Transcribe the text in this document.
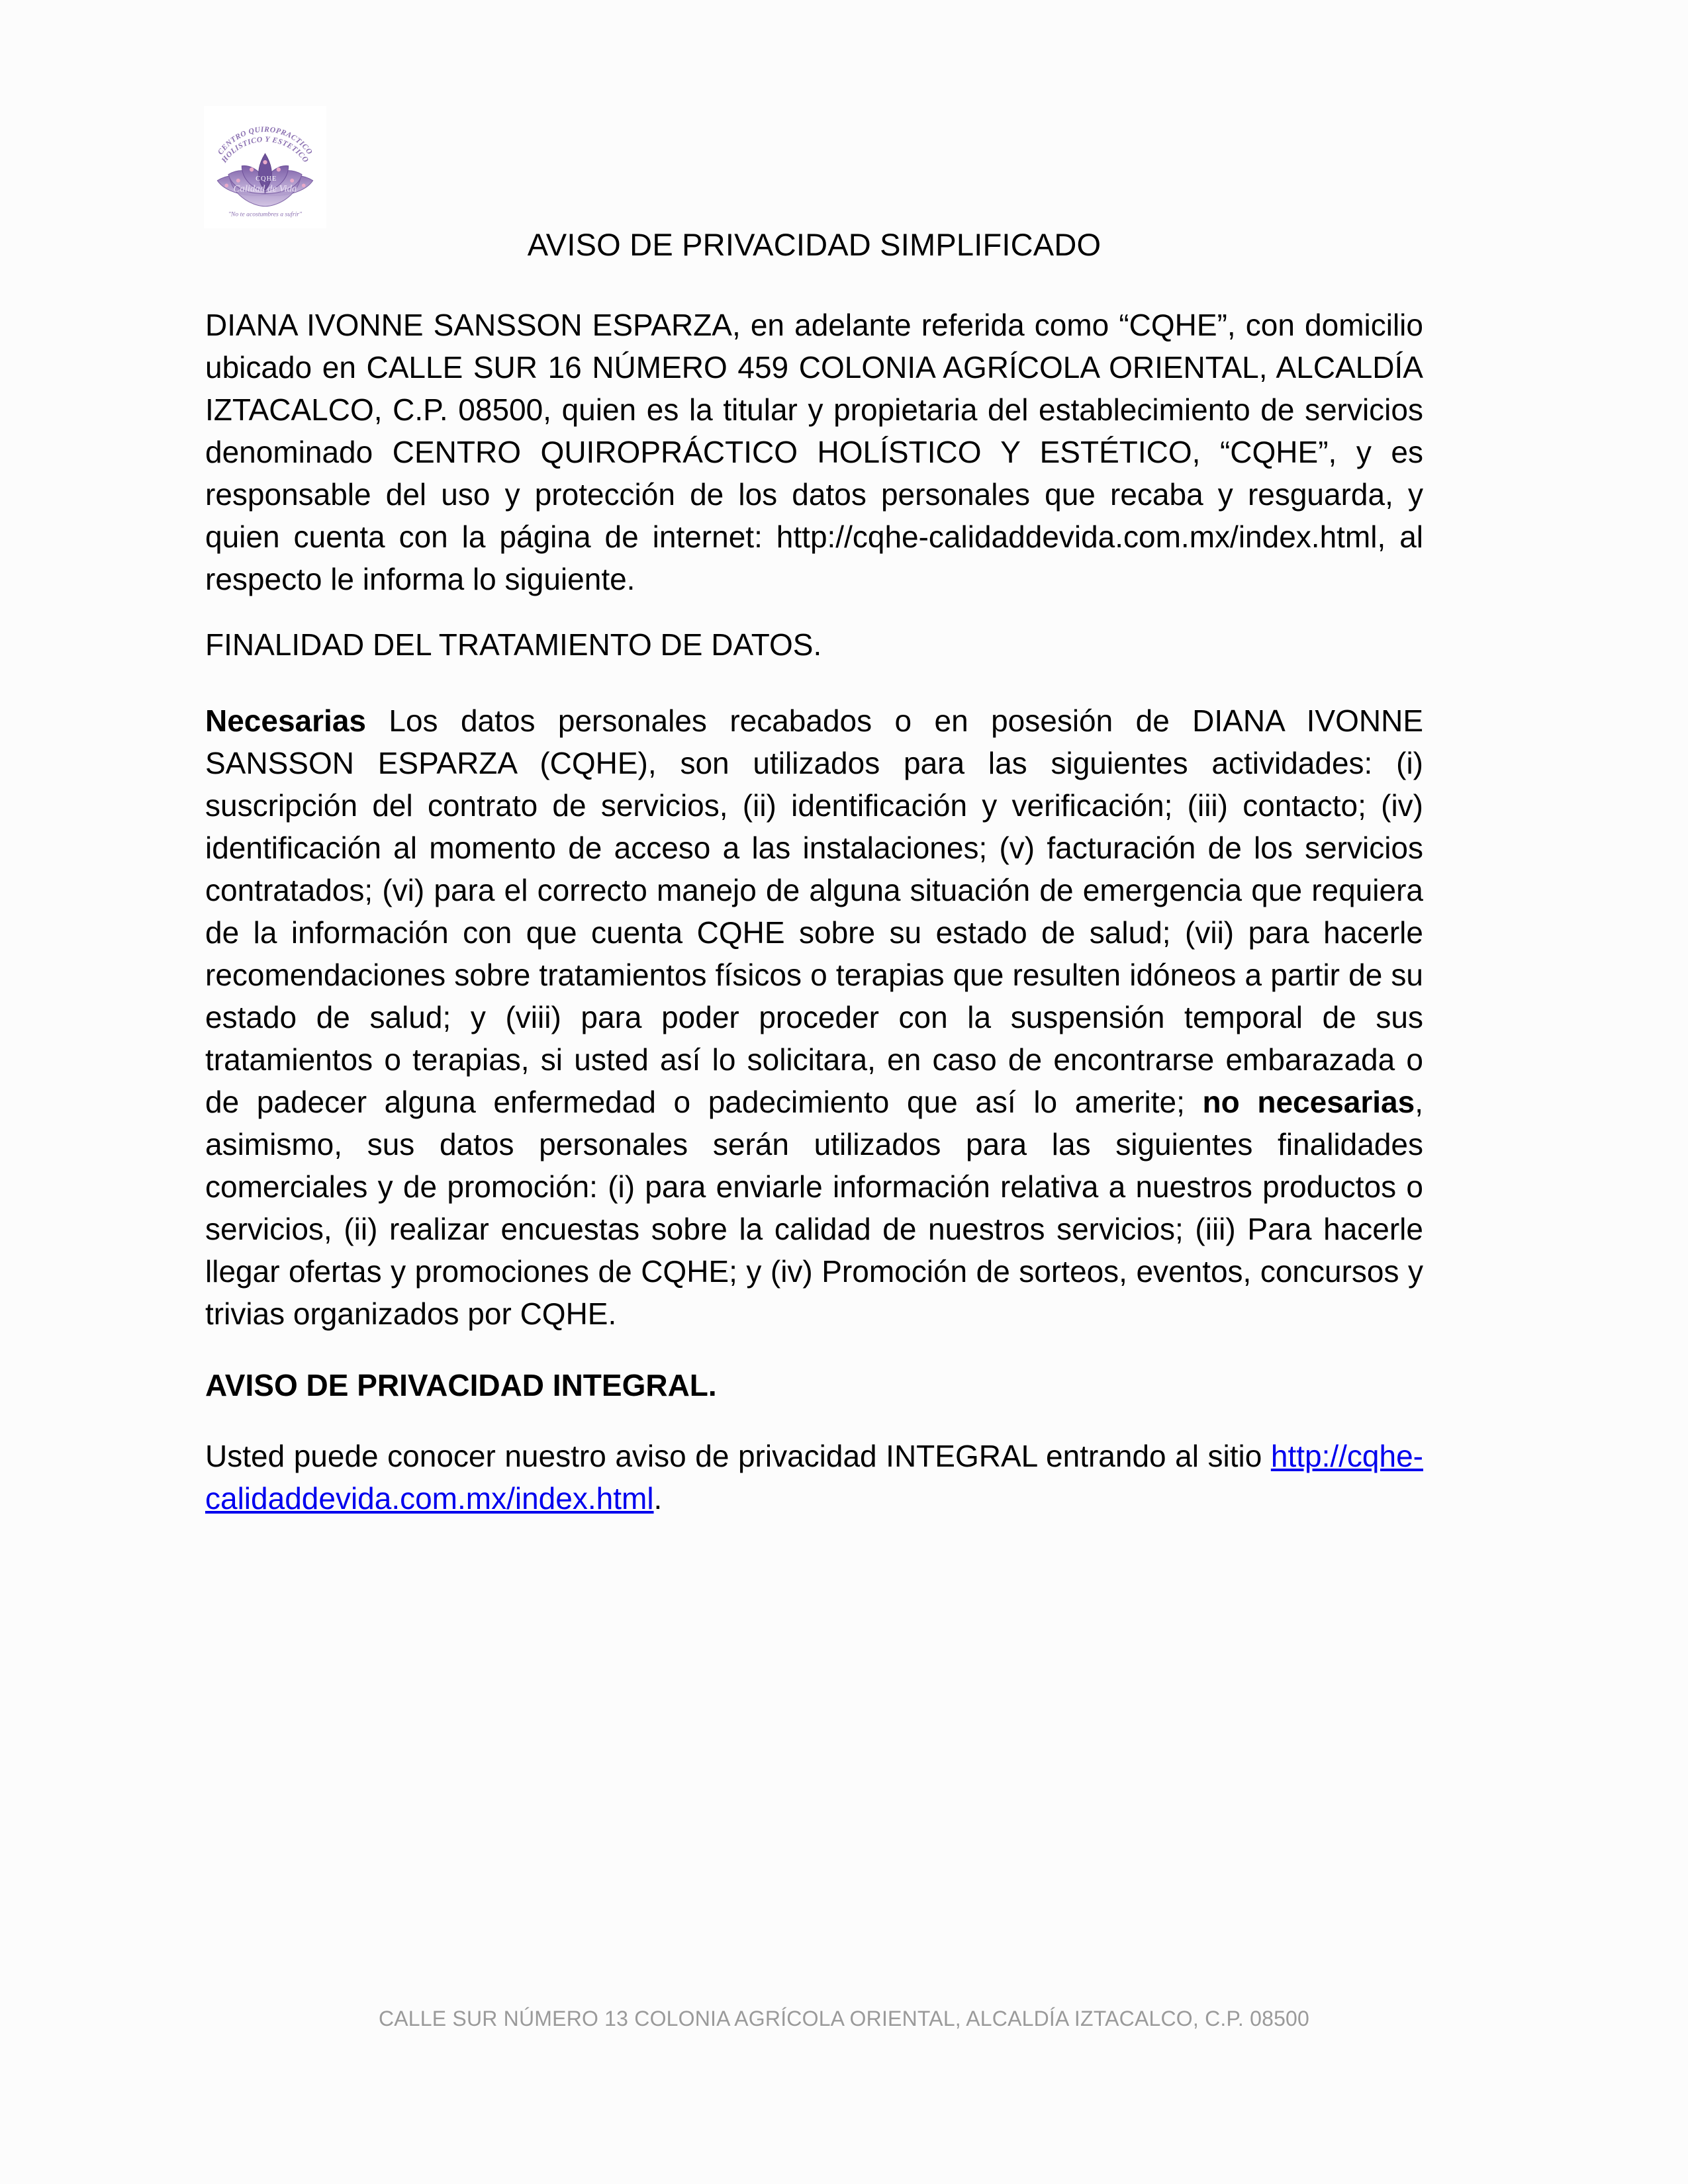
CENTRO QUIROPRACTICO
HOLISTICO Y ESTETICO
CQHE
Calidad de Vida
"No te acostumbres a sufrir"
AVISO DE PRIVACIDAD SIMPLIFICADO
DIANA IVONNE SANSSON ESPARZA, en adelante referida como “CQHE”, con domicilio ubicado en CALLE SUR 16 NÚMERO 459 COLONIA AGRÍCOLA ORIENTAL, ALCALDÍA IZTACALCO, C.P. 08500, quien es la titular y propietaria del establecimiento de servicios denominado CENTRO QUIROPRÁCTICO HOLÍSTICO Y ESTÉTICO, “CQHE”, y es responsable del uso y protección de los datos personales que recaba y resguarda, y quien cuenta con la página de internet: http://cqhe-calidaddevida.com.mx/index.html, al respecto le informa lo siguiente.
FINALIDAD DEL TRATAMIENTO DE DATOS.
Necesarias Los datos personales recabados o en posesión de DIANA IVONNE SANSSON ESPARZA (CQHE), son utilizados para las siguientes actividades: (i) suscripción del contrato de servicios, (ii) identificación y verificación; (iii) contacto; (iv) identificación al momento de acceso a las instalaciones; (v) facturación de los servicios contratados; (vi) para el correcto manejo de alguna situación de emergencia que requiera de la información con que cuenta CQHE sobre su estado de salud; (vii) para hacerle recomendaciones sobre tratamientos físicos o terapias que resulten idóneos a partir de su estado de salud; y (viii) para poder proceder con la suspensión temporal de sus tratamientos o terapias, si usted así lo solicitara, en caso de encontrarse embarazada o de padecer alguna enfermedad o padecimiento que así lo amerite; no necesarias, asimismo, sus datos personales serán utilizados para las siguientes finalidades comerciales y de promoción: (i) para enviarle información relativa a nuestros productos o servicios, (ii) realizar encuestas sobre la calidad de nuestros servicios; (iii) Para hacerle llegar ofertas y promociones de CQHE; y (iv) Promoción de sorteos, eventos, concursos y trivias organizados por CQHE.
AVISO DE PRIVACIDAD INTEGRAL.
Usted puede conocer nuestro aviso de privacidad INTEGRAL entrando al sitio http://cqhe-calidaddevida.com.mx/index.html.
CALLE SUR NÚMERO 13 COLONIA AGRÍCOLA ORIENTAL, ALCALDÍA IZTACALCO, C.P. 08500
